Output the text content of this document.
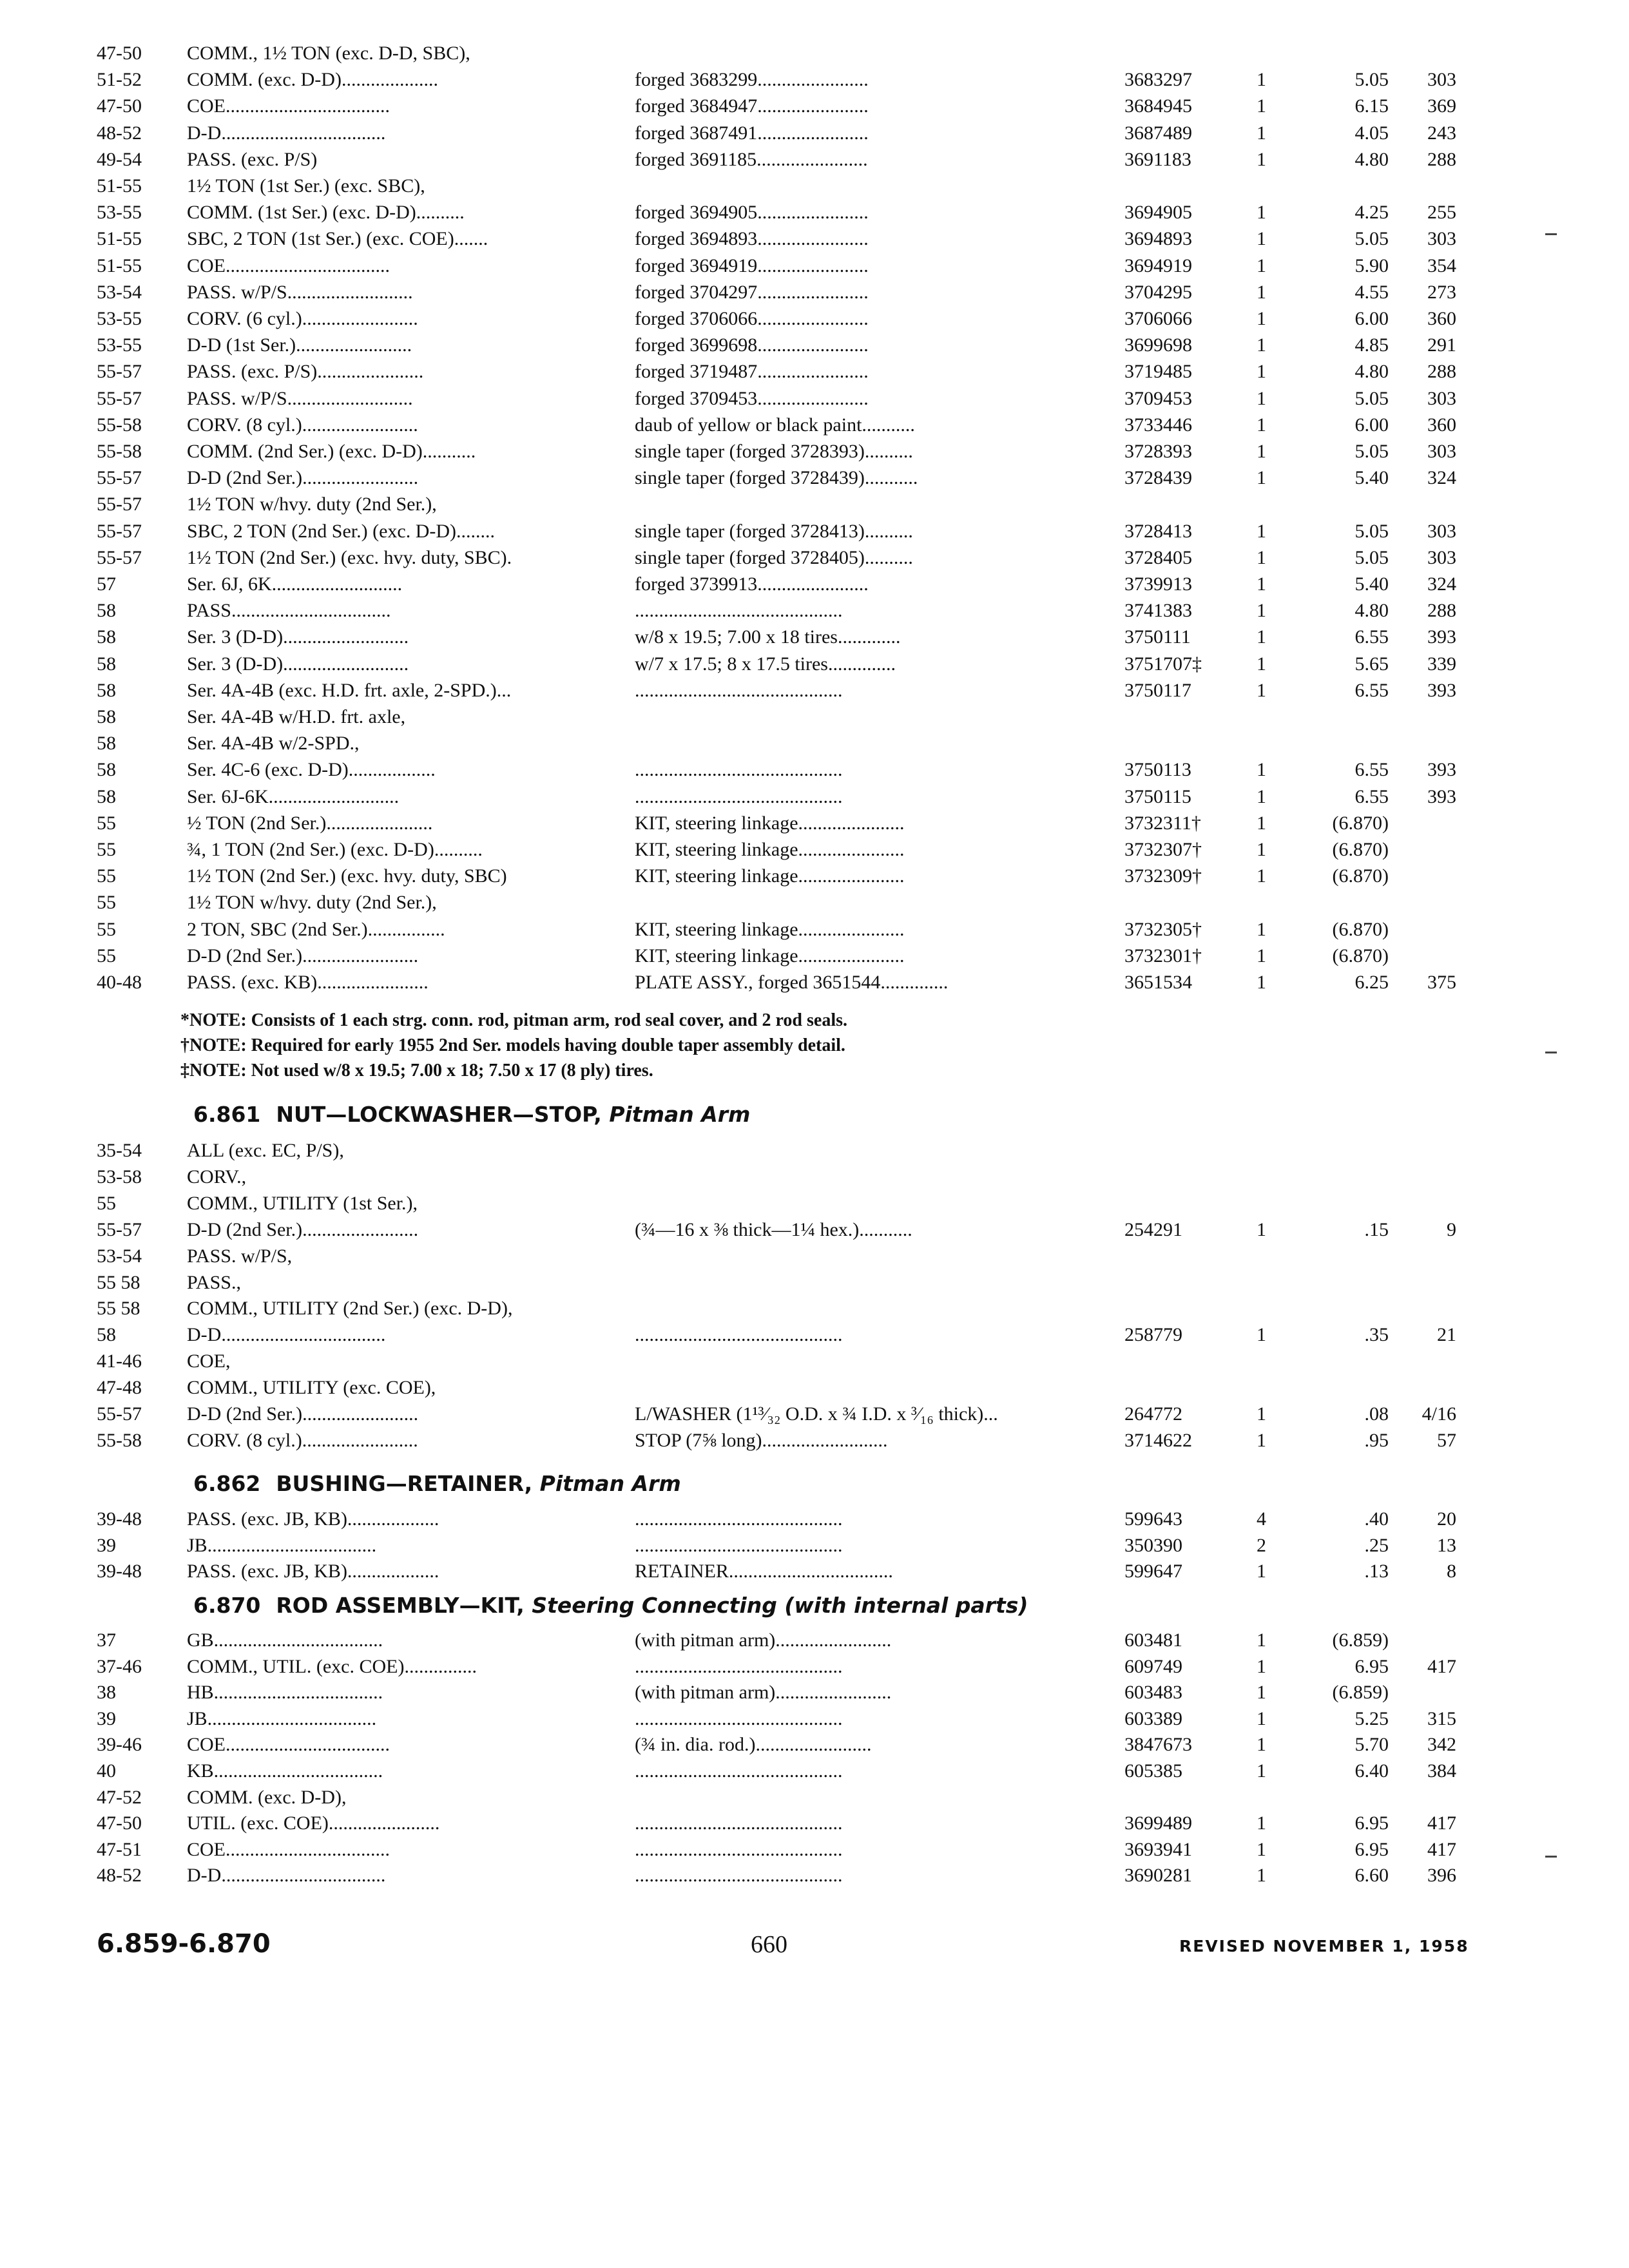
47-50	COMM., 1½ TON (exc. D-D, SBC),
51-52	COMM. (exc. D-D)....................	forged 3683299.......................	3683297	1	5.05	303
47-50	COE..................................	forged 3684947.......................	3684945	1	6.15	369
48-52	D-D..................................	forged 3687491.......................	3687489	1	4.05	243
49-54	PASS. (exc. P/S)	forged 3691185.......................	3691183	1	4.80	288
51-55	1½ TON (1st Ser.) (exc. SBC),
53-55	COMM. (1st Ser.) (exc. D-D)..........	forged 3694905.......................	3694905	1	4.25	255
51-55	SBC, 2 TON (1st Ser.) (exc. COE).......	forged 3694893.......................	3694893	1	5.05	303
51-55	COE..................................	forged 3694919.......................	3694919	1	5.90	354
53-54	PASS. w/P/S..........................	forged 3704297.......................	3704295	1	4.55	273
53-55	CORV. (6 cyl.)........................	forged 3706066.......................	3706066	1	6.00	360
53-55	D-D (1st Ser.)........................	forged 3699698.......................	3699698	1	4.85	291
55-57	PASS. (exc. P/S)......................	forged 3719487.......................	3719485	1	4.80	288
55-57	PASS. w/P/S..........................	forged 3709453.......................	3709453	1	5.05	303
55-58	CORV. (8 cyl.)........................	daub of yellow or black paint...........	3733446	1	6.00	360
55-58	COMM. (2nd Ser.) (exc. D-D)...........	single taper (forged 3728393)..........	3728393	1	5.05	303
55-57	D-D (2nd Ser.)........................	single taper (forged 3728439)...........	3728439	1	5.40	324
55-57	1½ TON w/hvy. duty (2nd Ser.),
55-57	SBC, 2 TON (2nd Ser.) (exc. D-D)........	single taper (forged 3728413)..........	3728413	1	5.05	303
55-57	1½ TON (2nd Ser.) (exc. hvy. duty, SBC).	single taper (forged 3728405)..........	3728405	1	5.05	303
57	Ser. 6J, 6K...........................	forged 3739913.......................	3739913	1	5.40	324
58	PASS.................................	...........................................	3741383	1	4.80	288
58	Ser. 3 (D-D)..........................	w/8 x 19.5; 7.00 x 18 tires.............	3750111	1	6.55	393
58	Ser. 3 (D-D)..........................	w/7 x 17.5; 8 x 17.5 tires..............	3751707‡	1	5.65	339
58	Ser. 4A-4B (exc. H.D. frt. axle, 2-SPD.)...	...........................................	3750117	1	6.55	393
58	Ser. 4A-4B w/H.D. frt. axle,
58	Ser. 4A-4B w/2-SPD.,
58	Ser. 4C-6 (exc. D-D)..................	...........................................	3750113	1	6.55	393
58	Ser. 6J-6K...........................	...........................................	3750115	1	6.55	393
55	½ TON (2nd Ser.)......................	KIT, steering linkage......................	3732311†	1	(6.870)
55	¾, 1 TON (2nd Ser.) (exc. D-D)..........	KIT, steering linkage......................	3732307†	1	(6.870)
55	1½ TON (2nd Ser.) (exc. hvy. duty, SBC)	KIT, steering linkage......................	3732309†	1	(6.870)
55	1½ TON w/hvy. duty (2nd Ser.),
55	2 TON, SBC (2nd Ser.)................	KIT, steering linkage......................	3732305†	1	(6.870)
55	D-D (2nd Ser.)........................	KIT, steering linkage......................	3732301†	1	(6.870)
40-48	PASS. (exc. KB).......................	PLATE ASSY., forged 3651544..............	3651534	1	6.25	375
*NOTE: Consists of 1 each strg. conn. rod, pitman arm, rod seal cover, and 2 rod seals.
†NOTE: Required for early 1955 2nd Ser. models having double taper assembly detail.
‡NOTE: Not used w/8 x 19.5; 7.00 x 18; 7.50 x 17 (8 ply) tires.
6.861 NUT—LOCKWASHER—STOP, Pitman Arm
35-54	ALL (exc. EC, P/S),
53-58	CORV.,
55	COMM., UTILITY (1st Ser.),
55-57	D-D (2nd Ser.)........................	(¾—16 x ⅜ thick—1¼ hex.)...........	254291	1	.15	9
53-54	PASS. w/P/S,
55 58	PASS.,
55 58	COMM., UTILITY (2nd Ser.) (exc. D-D),
58	D-D..................................	...........................................	258779	1	.35	21
41-46	COE,
47-48	COMM., UTILITY (exc. COE),
55-57	D-D (2nd Ser.)........................	L/WASHER (1¹³⁄₃₂ O.D. x ¾ I.D. x ³⁄₁₆ thick)...	264772	1	.08	4/16
55-58	CORV. (8 cyl.)........................	STOP (7⅝ long)..........................	3714622	1	.95	57
6.862 BUSHING—RETAINER, Pitman Arm
39-48	PASS. (exc. JB, KB)...................	...........................................	599643	4	.40	20
39	JB...................................	...........................................	350390	2	.25	13
39-48	PASS. (exc. JB, KB)...................	RETAINER..................................	599647	1	.13	8
6.870 ROD ASSEMBLY—KIT, Steering Connecting (with internal parts)
37	GB...................................	(with pitman arm)........................	603481	1	(6.859)
37-46	COMM., UTIL. (exc. COE)...............	...........................................	609749	1	6.95	417
38	HB...................................	(with pitman arm)........................	603483	1	(6.859)
39	JB...................................	...........................................	603389	1	5.25	315
39-46	COE..................................	(¾ in. dia. rod.)........................	3847673	1	5.70	342
40	KB...................................	...........................................	605385	1	6.40	384
47-52	COMM. (exc. D-D),
47-50	UTIL. (exc. COE).......................	...........................................	3699489	1	6.95	417
47-51	COE..................................	...........................................	3693941	1	6.95	417
48-52	D-D..................................	...........................................	3690281	1	6.60	396
6.859-6.870	660	REVISED NOVEMBER 1, 1958
